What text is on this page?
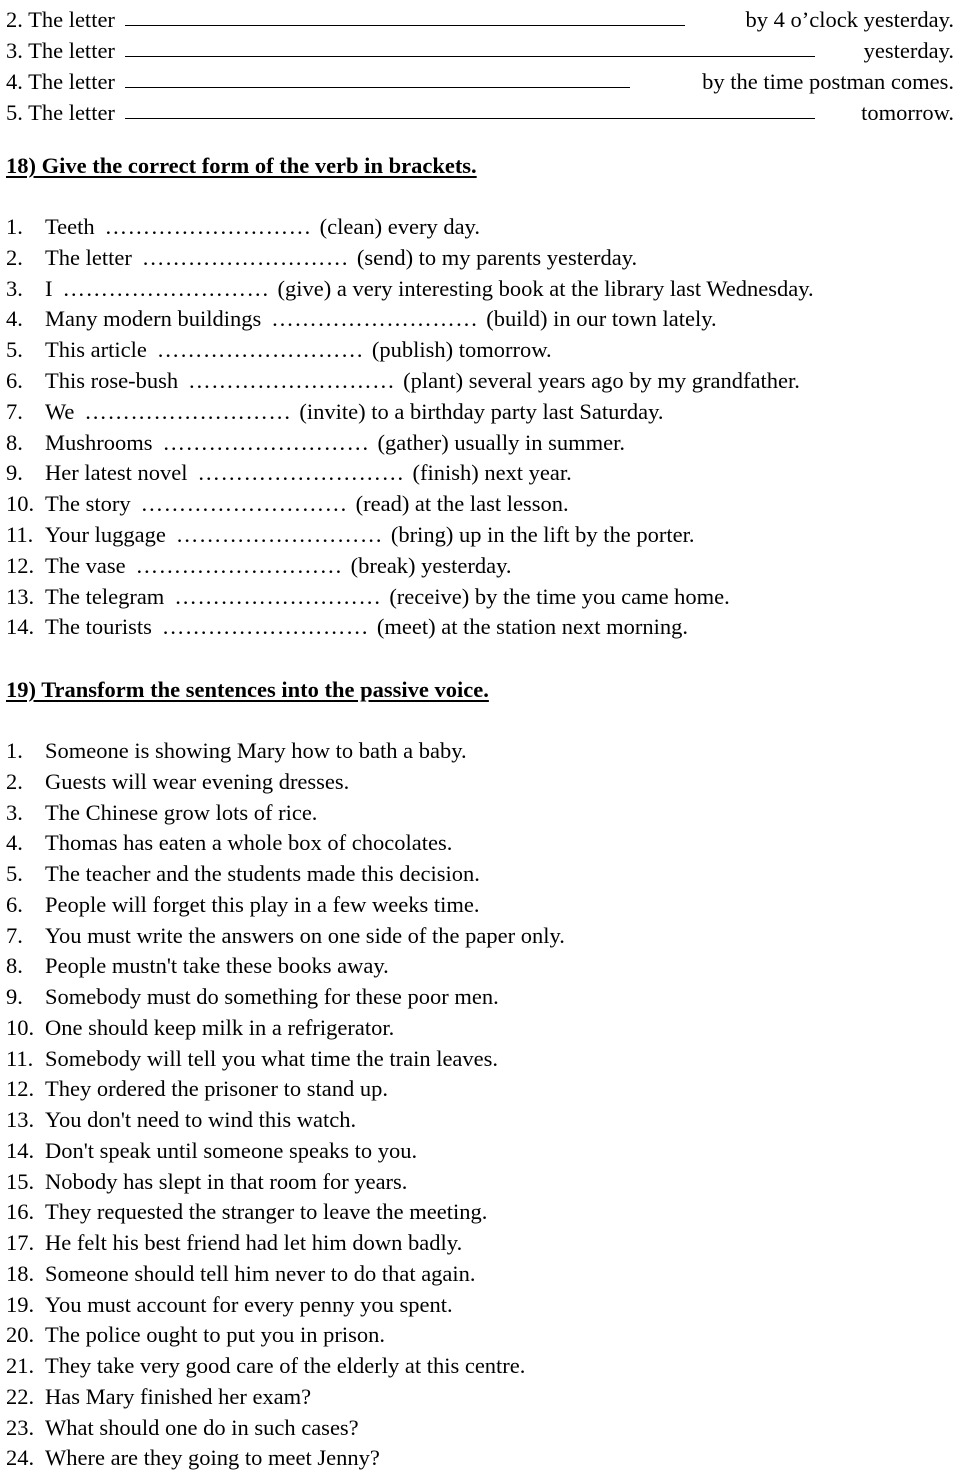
2. The letter	by 4 o’clock yesterday.
3. The letter	yesterday.
4. The letter	by the time postman comes.
5. The letter	tomorrow.
18) Give the correct form of the verb in brackets.
1. Teeth ……………………… (clean) every day.
2. The letter ……………………… (send) to my parents yesterday.
3. I ……………………… (give) a very interesting book at the library last Wednesday.
4. Many modern buildings ……………………… (build) in our town lately.
5. This article ……………………… (publish) tomorrow.
6. This rose-bush ……………………… (plant) several years ago by my grandfather.
7. We ……………………… (invite) to a birthday party last Saturday.
8. Mushrooms ……………………… (gather) usually in summer.
9. Her latest novel ……………………… (finish) next year.
10. The story ……………………… (read) at the last lesson.
11. Your luggage ……………………… (bring) up in the lift by the porter.
12. The vase ……………………… (break) yesterday.
13. The telegram ……………………… (receive) by the time you came home.
14. The tourists ……………………… (meet) at the station next morning.
19) Transform the sentences into the passive voice.
1. Someone is showing Mary how to bath a baby.
2. Guests will wear evening dresses.
3. The Chinese grow lots of rice.
4. Thomas has eaten a whole box of chocolates.
5. The teacher and the students made this decision.
6. People will forget this play in a few weeks time.
7. You must write the answers on one side of the paper only.
8. People mustn't take these books away.
9. Somebody must do something for these poor men.
10. One should keep milk in a refrigerator.
11. Somebody will tell you what time the train leaves.
12. They ordered the prisoner to stand up.
13. You don't need to wind this watch.
14. Don't speak until someone speaks to you.
15. Nobody has slept in that room for years.
16. They requested the stranger to leave the meeting.
17. He felt his best friend had let him down badly.
18. Someone should tell him never to do that again.
19. You must account for every penny you spent.
20. The police ought to put you in prison.
21. They take very good care of the elderly at this centre.
22. Has Mary finished her exam?
23. What should one do in such cases?
24. Where are they going to meet Jenny?
